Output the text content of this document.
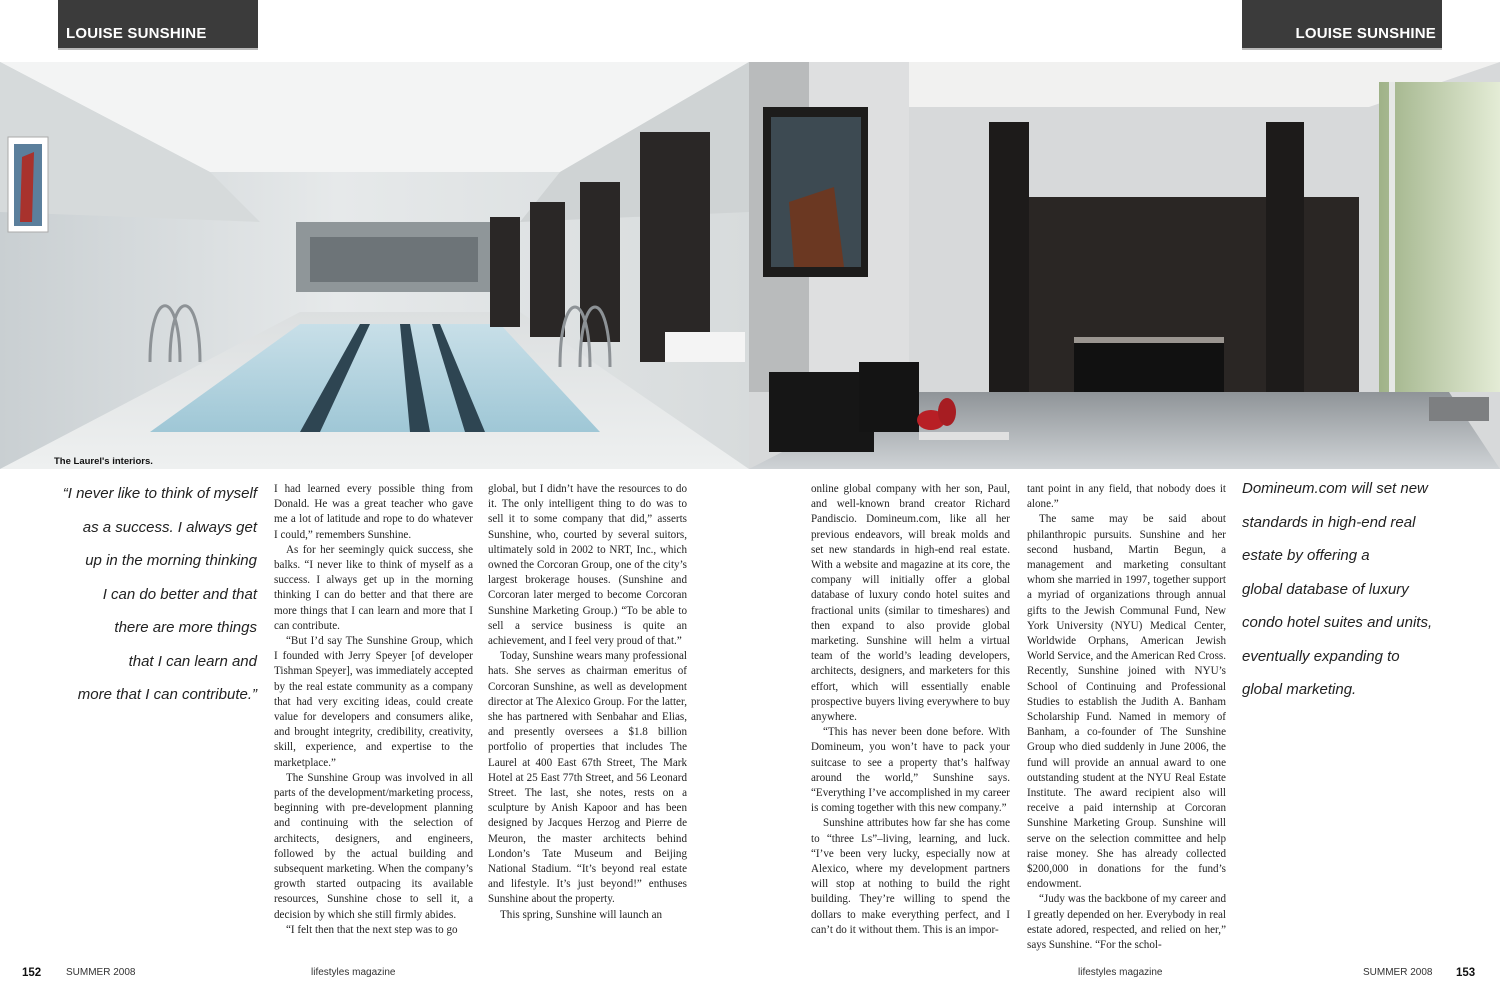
LOUISE SUNSHINE	LOUISE SUNSHINE
The Laurel's interiors.

“I never like to think of myself

as a success. I always get

up in the morning thinking

I can do better and that

there are more things

that I can learn and

more that I can contribute.”

I had learned every possible thing from Donald. He was a great teacher who gave me a lot of latitude and rope to do whatever I could,” remembers Sunshine.

As for her seemingly quick success, she balks. “I never like to think of myself as a success. I always get up in the morning thinking I can do better and that there are more things that I can learn and more that I can contribute.

“But I’d say The Sunshine Group, which I founded with Jerry Speyer [of developer Tishman Speyer], was immediately accepted by the real estate community as a company that had very exciting ideas, could create value for developers and consumers alike, and brought integrity, credibility, creativity, skill, experience, and expertise to the marketplace.”

The Sunshine Group was involved in all parts of the development/marketing process, beginning with pre-development planning and continuing with the selection of architects, designers, and engineers, followed by the actual building and subsequent marketing. When the company’s growth started outpacing its available resources, Sunshine chose to sell it, a decision by which she still firmly abides.

“I felt then that the next step was to go

global, but I didn’t have the resources to do it. The only intelligent thing to do was to sell it to some company that did,” asserts Sunshine, who, courted by several suitors, ultimately sold in 2002 to NRT, Inc., which owned the Corcoran Group, one of the city’s largest brokerage houses. (Sunshine and Corcoran later merged to become Corcoran Sunshine Marketing Group.) “To be able to sell a service business is quite an achievement, and I feel very proud of that.”

Today, Sunshine wears many professional hats. She serves as chairman emeritus of Corcoran Sunshine, as well as development director at The Alexico Group. For the latter, she has partnered with Senbahar and Elias, and presently oversees a $1.8 billion portfolio of properties that includes The Laurel at 400 East 67th Street, The Mark Hotel at 25 East 77th Street, and 56 Leonard Street. The last, she notes, rests on a sculpture by Anish Kapoor and has been designed by Jacques Herzog and Pierre de Meuron, the master architects behind London’s Tate Museum and Beijing National Stadium. “It’s beyond real estate and lifestyle. It’s just beyond!” enthuses Sunshine about the property.

This spring, Sunshine will launch an

online global company with her son, Paul, and well-known brand creator Richard Pandiscio. Domineum.com, like all her previous endeavors, will break molds and set new standards in high-end real estate. With a website and magazine at its core, the company will initially offer a global database of luxury condo hotel suites and fractional units (similar to timeshares) and then expand to also provide global marketing. Sunshine will helm a virtual team of the world’s leading developers, architects, designers, and marketers for this effort, which will essentially enable prospective buyers living everywhere to buy anywhere.

“This has never been done before. With Domineum, you won’t have to pack your suitcase to see a property that’s halfway around the world,” Sunshine says. “Everything I’ve accomplished in my career is coming together with this new company.”

Sunshine attributes how far she has come to “three Ls”–living, learning, and luck. “I’ve been very lucky, especially now at Alexico, where my development partners will stop at nothing to build the right building. They’re willing to spend the dollars to make everything perfect, and I can’t do it without them. This is an impor-

tant point in any field, that nobody does it alone.”

The same may be said about philanthropic pursuits. Sunshine and her second husband, Martin Begun, a management and marketing consultant whom she married in 1997, together support a myriad of organizations through annual gifts to the Jewish Communal Fund, New York University (NYU) Medical Center, Worldwide Orphans, American Jewish World Service, and the American Red Cross. Recently, Sunshine joined with NYU’s School of Continuing and Professional Studies to establish the Judith A. Banham Scholarship Fund. Named in memory of Banham, a co-founder of The Sunshine Group who died suddenly in June 2006, the fund will provide an annual award to one outstanding student at the NYU Real Estate Institute. The award recipient also will receive a paid internship at Corcoran Sunshine Marketing Group. Sunshine will serve on the selection committee and help raise money. She has already collected $200,000 in donations for the fund’s endowment.

“Judy was the backbone of my career and I greatly depended on her. Everybody in real estate adored, respected, and relied on her,” says Sunshine. “For the schol-

Domineum.com will set new

standards in high-end real

estate by offering a

global database of luxury

condo hotel suites and units,

eventually expanding to

global marketing.

152 SUMMER 2008	lifestyles magazine	lifestyles magazine	SUMMER 2008 153
